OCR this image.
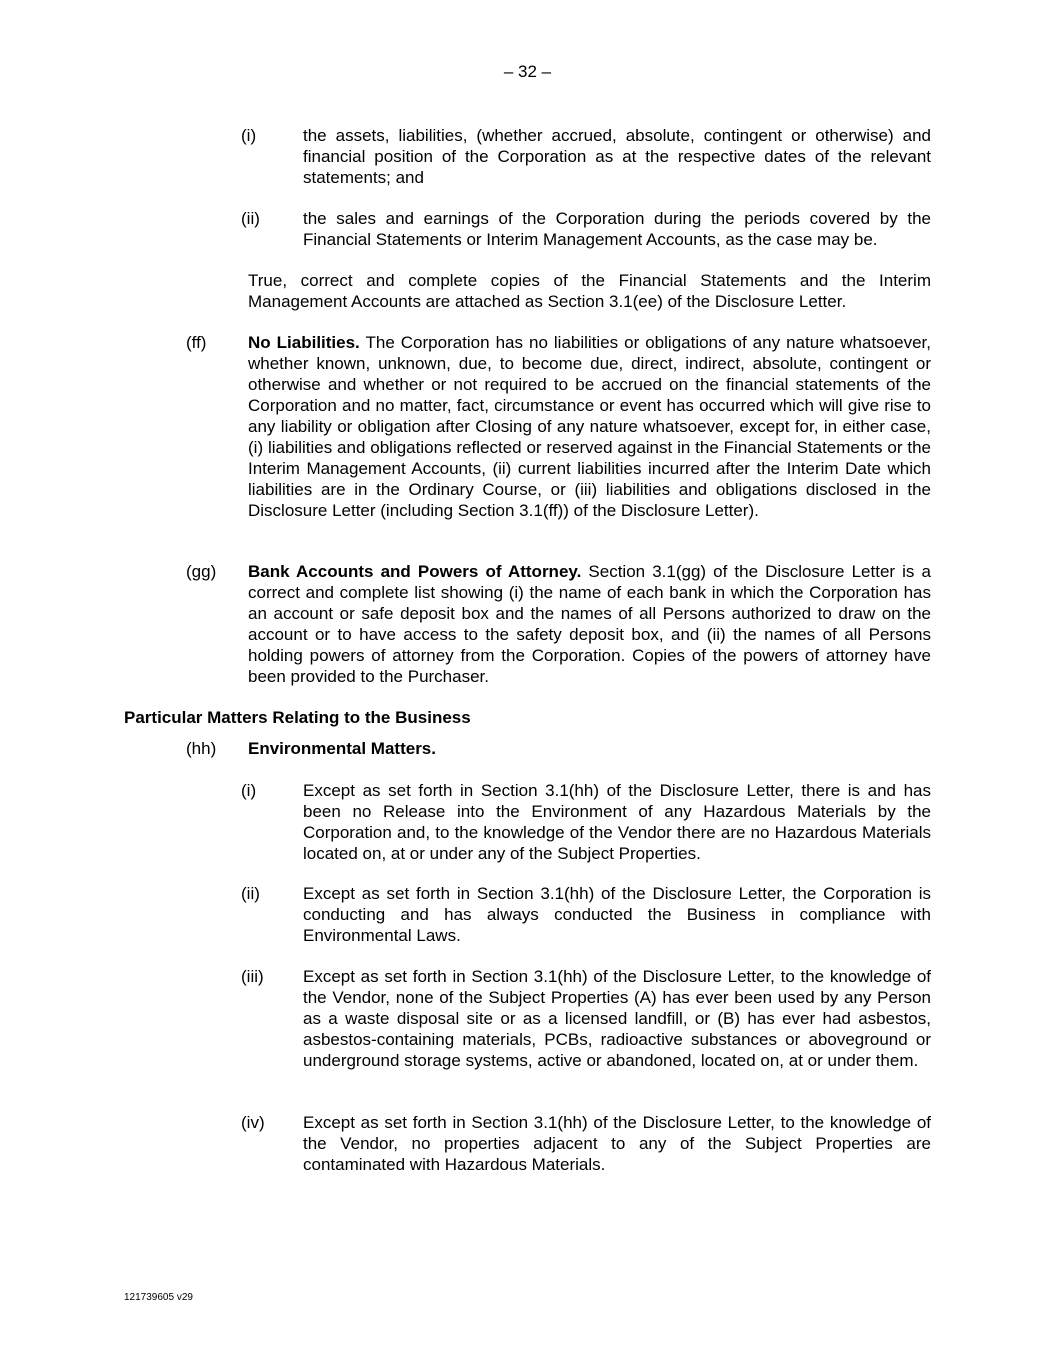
– 32 –
(i)	the assets, liabilities, (whether accrued, absolute, contingent or otherwise) and financial position of the Corporation as at the respective dates of the relevant statements; and
(ii)	the sales and earnings of the Corporation during the periods covered by the Financial Statements or Interim Management Accounts, as the case may be.
True, correct and complete copies of the Financial Statements and the Interim Management Accounts are attached as Section 3.1(ee) of the Disclosure Letter.
(ff) No Liabilities. The Corporation has no liabilities or obligations of any nature whatsoever, whether known, unknown, due, to become due, direct, indirect, absolute, contingent or otherwise and whether or not required to be accrued on the financial statements of the Corporation and no matter, fact, circumstance or event has occurred which will give rise to any liability or obligation after Closing of any nature whatsoever, except for, in either case, (i) liabilities and obligations reflected or reserved against in the Financial Statements or the Interim Management Accounts, (ii) current liabilities incurred after the Interim Date which liabilities are in the Ordinary Course, or (iii) liabilities and obligations disclosed in the Disclosure Letter (including Section 3.1(ff)) of the Disclosure Letter).
(gg) Bank Accounts and Powers of Attorney. Section 3.1(gg) of the Disclosure Letter is a correct and complete list showing (i) the name of each bank in which the Corporation has an account or safe deposit box and the names of all Persons authorized to draw on the account or to have access to the safety deposit box, and (ii) the names of all Persons holding powers of attorney from the Corporation. Copies of the powers of attorney have been provided to the Purchaser.
Particular Matters Relating to the Business
(hh) Environmental Matters.
(i)	Except as set forth in Section 3.1(hh) of the Disclosure Letter, there is and has been no Release into the Environment of any Hazardous Materials by the Corporation and, to the knowledge of the Vendor there are no Hazardous Materials located on, at or under any of the Subject Properties.
(ii)	Except as set forth in Section 3.1(hh) of the Disclosure Letter, the Corporation is conducting and has always conducted the Business in compliance with Environmental Laws.
(iii) Except as set forth in Section 3.1(hh) of the Disclosure Letter, to the knowledge of the Vendor, none of the Subject Properties (A) has ever been used by any Person as a waste disposal site or as a licensed landfill, or (B) has ever had asbestos, asbestos-containing materials, PCBs, radioactive substances or aboveground or underground storage systems, active or abandoned, located on, at or under them.
(iv) Except as set forth in Section 3.1(hh) of the Disclosure Letter, to the knowledge of the Vendor, no properties adjacent to any of the Subject Properties are contaminated with Hazardous Materials.
121739605 v29
